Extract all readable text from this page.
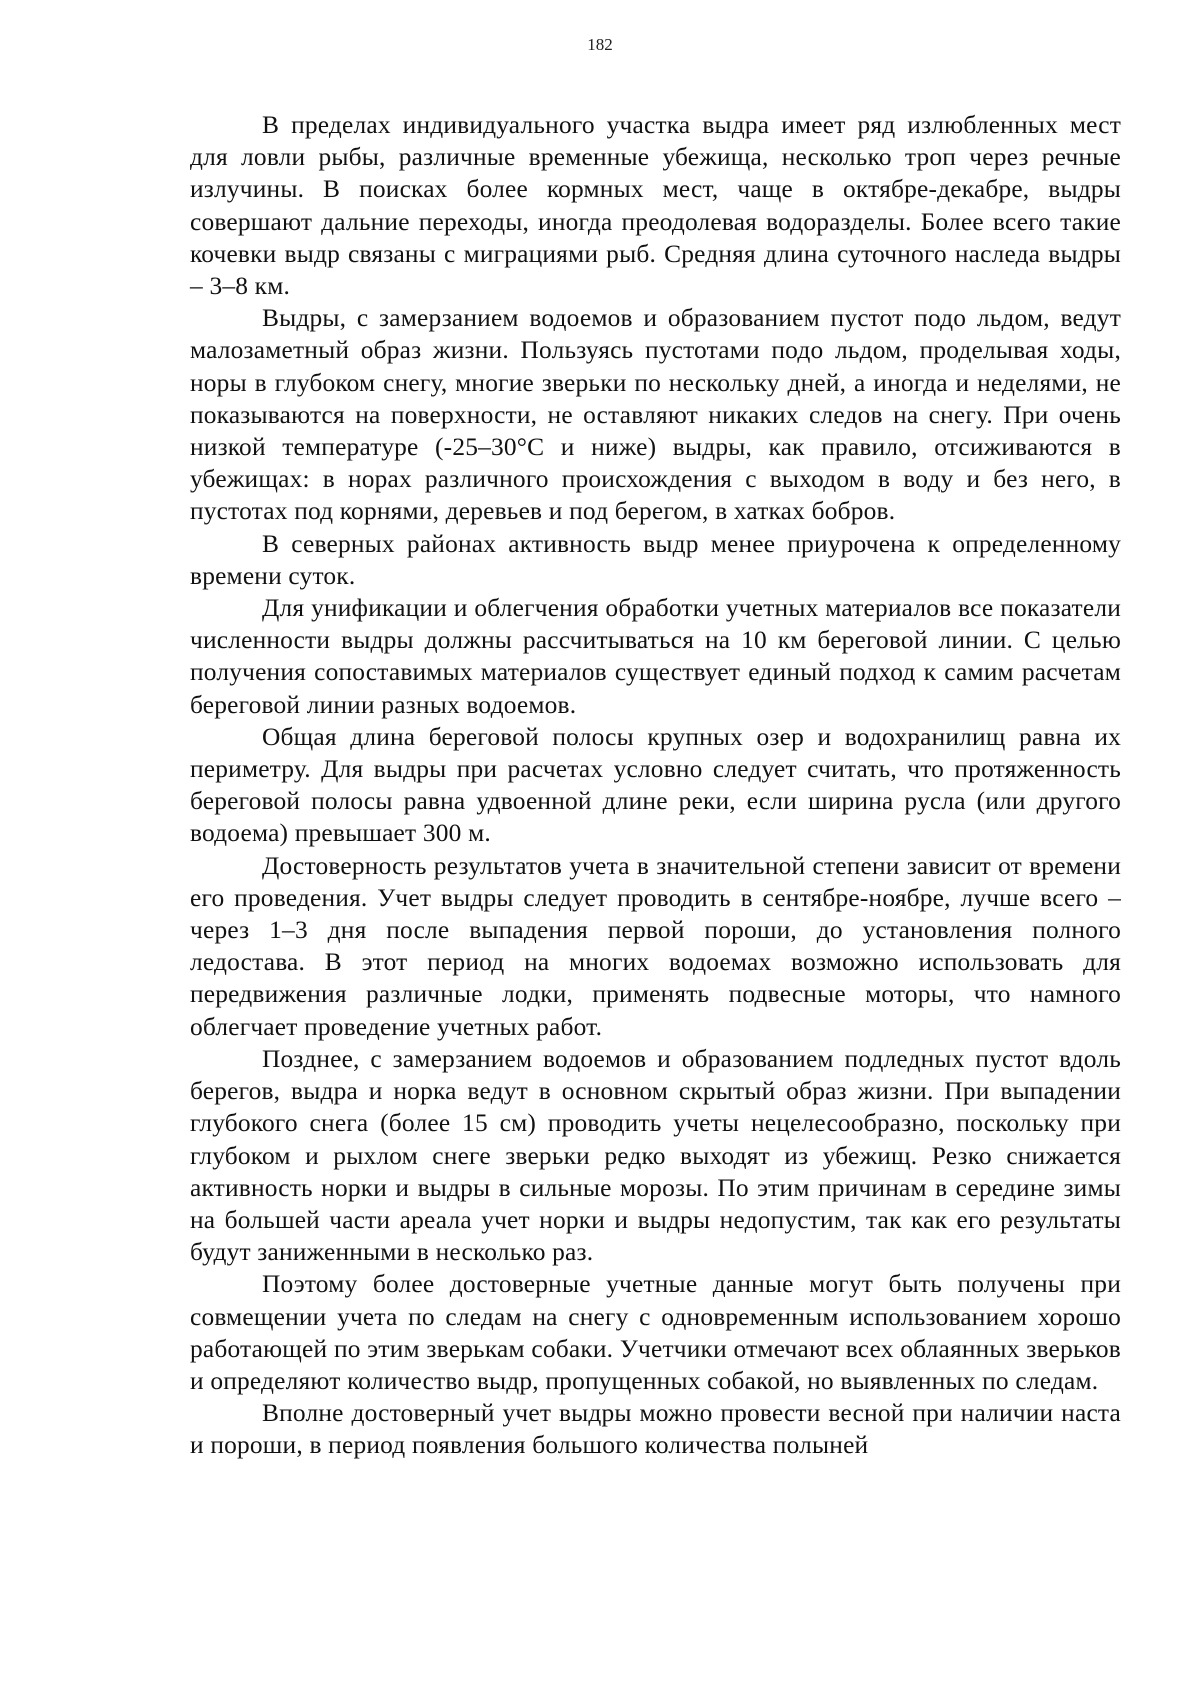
182

В пределах индивидуального участка выдра имеет ряд излюбленных мест для ловли рыбы, различные временные убежища, несколько троп через речные излучины. В поисках более кормных мест, чаще в октябре-декабре, выдры совершают дальние переходы, иногда преодолевая водоразделы. Более всего такие кочевки выдр связаны с миграциями рыб. Средняя длина суточного наследа выдры – 3–8 км.

Выдры, с замерзанием водоемов и образованием пустот подо льдом, ведут малозаметный образ жизни. Пользуясь пустотами подо льдом, проделывая ходы, норы в глубоком снегу, многие зверьки по нескольку дней, а иногда и неделями, не показываются на поверхности, не оставляют никаких следов на снегу. При очень низкой температуре (-25–30°С и ниже) выдры, как правило, отсиживаются в убежищах: в норах различного происхождения с выходом в воду и без него, в пустотах под корнями, деревьев и под берегом, в хатках бобров.

В северных районах активность выдр менее приурочена к определенному времени суток.

Для унификации и облегчения обработки учетных материалов все показатели численности выдры должны рассчитываться на 10 км береговой линии. С целью получения сопоставимых материалов существует единый подход к самим расчетам береговой линии разных водоемов.

Общая длина береговой полосы крупных озер и водохранилищ равна их периметру. Для выдры при расчетах условно следует считать, что протяженность береговой полосы равна удвоенной длине реки, если ширина русла (или другого водоема) превышает 300 м.

Достоверность результатов учета в значительной степени зависит от времени его проведения. Учет выдры следует проводить в сентябре-ноябре, лучше всего – через 1–3 дня после выпадения первой пороши, до установления полного ледостава. В этот период на многих водоемах возможно использовать для передвижения различные лодки, применять подвесные моторы, что намного облегчает проведение учетных работ.

Позднее, с замерзанием водоемов и образованием подледных пустот вдоль берегов, выдра и норка ведут в основном скрытый образ жизни. При выпадении глубокого снега (более 15 см) проводить учеты нецелесообразно, поскольку при глубоком и рыхлом снеге зверьки редко выходят из убежищ. Резко снижается активность норки и выдры в сильные морозы. По этим причинам в середине зимы на большей части ареала учет норки и выдры недопустим, так как его результаты будут заниженными в несколько раз.

Поэтому более достоверные учетные данные могут быть получены при совмещении учета по следам на снегу с одновременным использованием хорошо работающей по этим зверькам собаки. Учетчики отмечают всех облаянных зверьков и определяют количество выдр, пропущенных собакой, но выявленных по следам.

Вполне достоверный учет выдры можно провести весной при наличии наста и пороши, в период появления большого количества полыней
